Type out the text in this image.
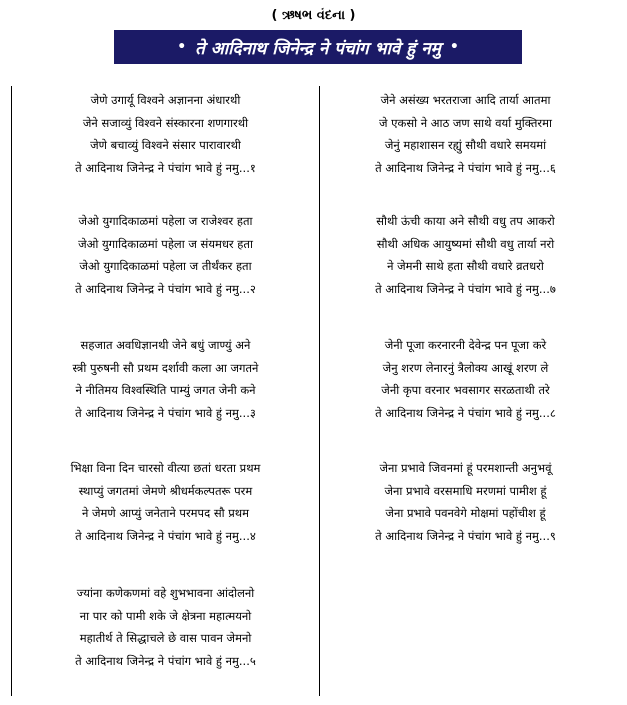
( ઋષભ વંદના )
• ते आदिनाथ जिनेन्द्र ने पंचांग भावे हुं नमु •
जेणे उगार्यू विश्वने अज्ञानना अंधारथी
जेने सजाव्युं विश्वने संस्कारना शणगारथी
जेणे बचाव्युं विश्वने संसार पारावारथी
ते आदिनाथ जिनेन्द्र ने पंचांग भावे हुं नमु...१
जेओ युगादिकाळमां पहेला ज राजेश्वर हता
जेओ युगादिकाळमां पहेला ज संयमधर हता
जेओ युगादिकाळमां पहेला ज तीर्थंकर हता
ते आदिनाथ जिनेन्द्र ने पंचांग भावे हुं नमु...२
सहजात अवधिज्ञानथी जेने बधुं जाण्युं अने
स्त्री पुरुषनी सौ प्रथम दर्शावी कला आ जगतने
ने नीतिमय विश्वस्थिति पाम्युं जगत जेनी कने
ते आदिनाथ जिनेन्द्र ने पंचांग भावे हुं नमु...३
भिक्षा विना दिन चारसो वीत्या छतां धरता प्रथम
स्थाप्युं जगतमां जेमणे श्रीधर्मकल्पतरू परम
ने जेमणे आप्युं जनेताने परमपद सौ प्रथम
ते आदिनाथ जिनेन्द्र ने पंचांग भावे हुं नमु...४
ज्यांना कणेकणमां वहे शुभभावना आंदोलनो
ना पार को पामी शके जे क्षेत्रना महात्मयनो
महातीर्थ ते सिद्धाचले छे वास पावन जेमनो
ते आदिनाथ जिनेन्द्र ने पंचांग भावे हुं नमु...५
जेने असंख्य भरतराजा आदि तार्या आतमा
जे एकसो ने आठ जण साथे वर्या मुक्तिरमा
जेनुं महाशासन रह्युं सौथी वधारे समयमां
ते आदिनाथ जिनेन्द्र ने पंचांग भावे हुं नमु...६
सौथी ऊंची काया अने सौथी वधु तप आकरो
सौथी अधिक आयुष्यमां सौथी वधु तार्या नरो
ने जेमनी साथे हता सौथी वधारे व्रतधरो
ते आदिनाथ जिनेन्द्र ने पंचांग भावे हुं नमु...७
जेनी पूजा करनारनी देवेन्द्र पन पूजा करे
जेनु शरण लेनारनुं त्रैलोक्य आखूं शरण ले
जेनी कृपा वरनार भवसागर सरळताथी तरे
ते आदिनाथ जिनेन्द्र ने पंचांग भावे हुं नमु...८
जेना प्रभावे जिवनमां हूं परमशान्ती अनुभवूं
जेना प्रभावे वरसमाधि मरणमां पामीश हूं
जेना प्रभावे पवनवेगे मोक्षमां पहोंचीश हूं
ते आदिनाथ जिनेन्द्र ने पंचांग भावे हुं नमु...९
